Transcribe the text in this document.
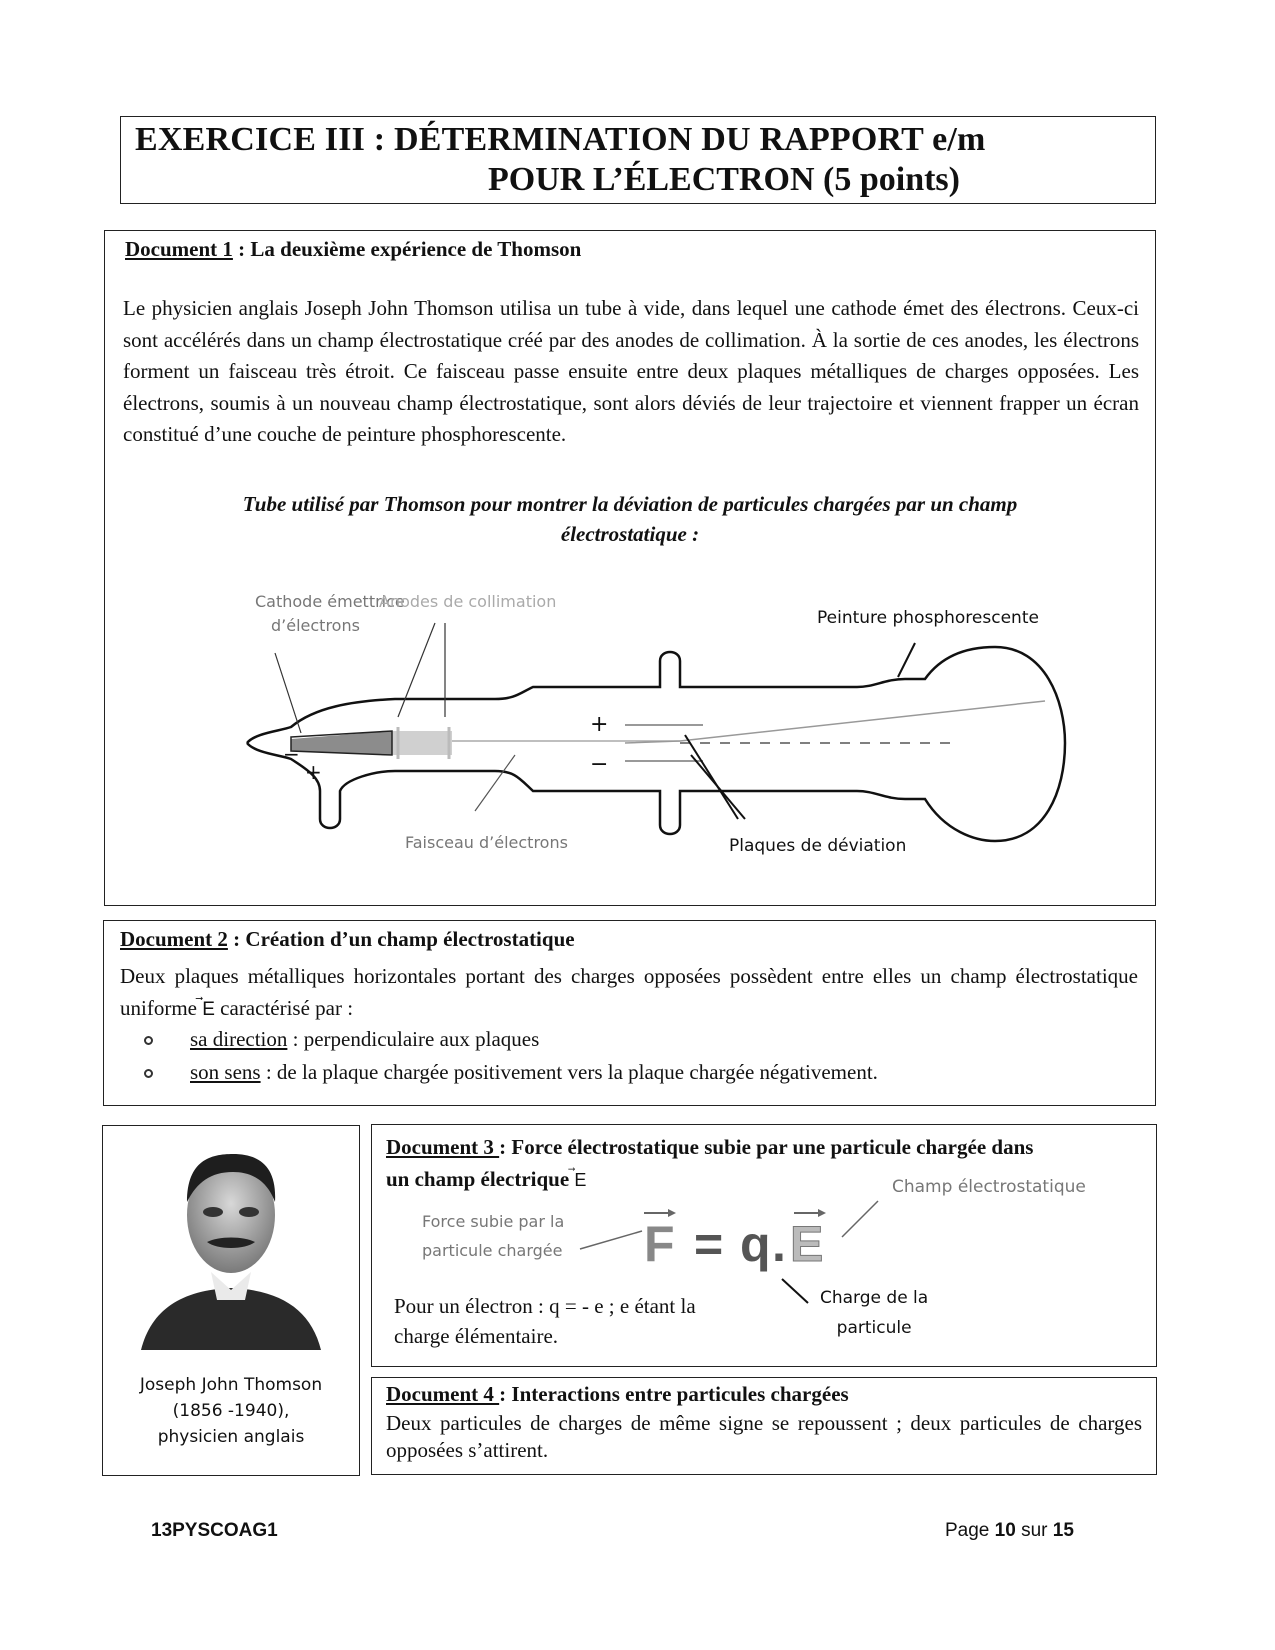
EXERCICE III : DÉTERMINATION DU RAPPORT e/m
POUR L’ÉLECTRON (5 points)
Document 1 : La deuxième expérience de Thomson
Le physicien anglais Joseph John Thomson utilisa un tube à vide, dans lequel une cathode émet des électrons. Ceux-ci sont accélérés dans un champ électrostatique créé par des anodes de collimation. À la sortie de ces anodes, les électrons forment un faisceau très étroit. Ce faisceau passe ensuite entre deux plaques métalliques de charges opposées. Les électrons, soumis à un nouveau champ électrostatique, sont alors déviés de leur trajectoire et viennent frapper un écran constitué d’une couche de peinture phosphorescente.
Tube utilisé par Thomson pour montrer la déviation de particules chargées par un champ
électrostatique :
+
−
−
+
Cathode émettrice
d’électrons
Anodes de collimation
Peinture phosphorescente
Faisceau d’électrons	Plaques de déviation
Document 2 : Création d’un champ électrostatique
Deux plaques métalliques horizontales portant des charges opposées possèdent entre elles un champ électrostatique uniforme
E caractérisé par :
sa direction : perpendiculaire aux plaques
son sens : de la plaque chargée positivement vers la plaque chargée négativement.
Joseph John Thomson
(1856 -1940),
physicien anglais
Document 3 : Force électrostatique subie par une particule chargée dans
un champ électrique
E	Champ électrostatique
Force subie par la
particule chargée F = q . E
Charge de la
particule
Pour un électron : q = - e ; e étant la
charge élémentaire.
Document 4 : Interactions entre particules chargées
Deux particules de charges de même signe se repoussent ; deux particules de charges opposées s’attirent.
13PYSCOAG1	Page 10 sur 15
